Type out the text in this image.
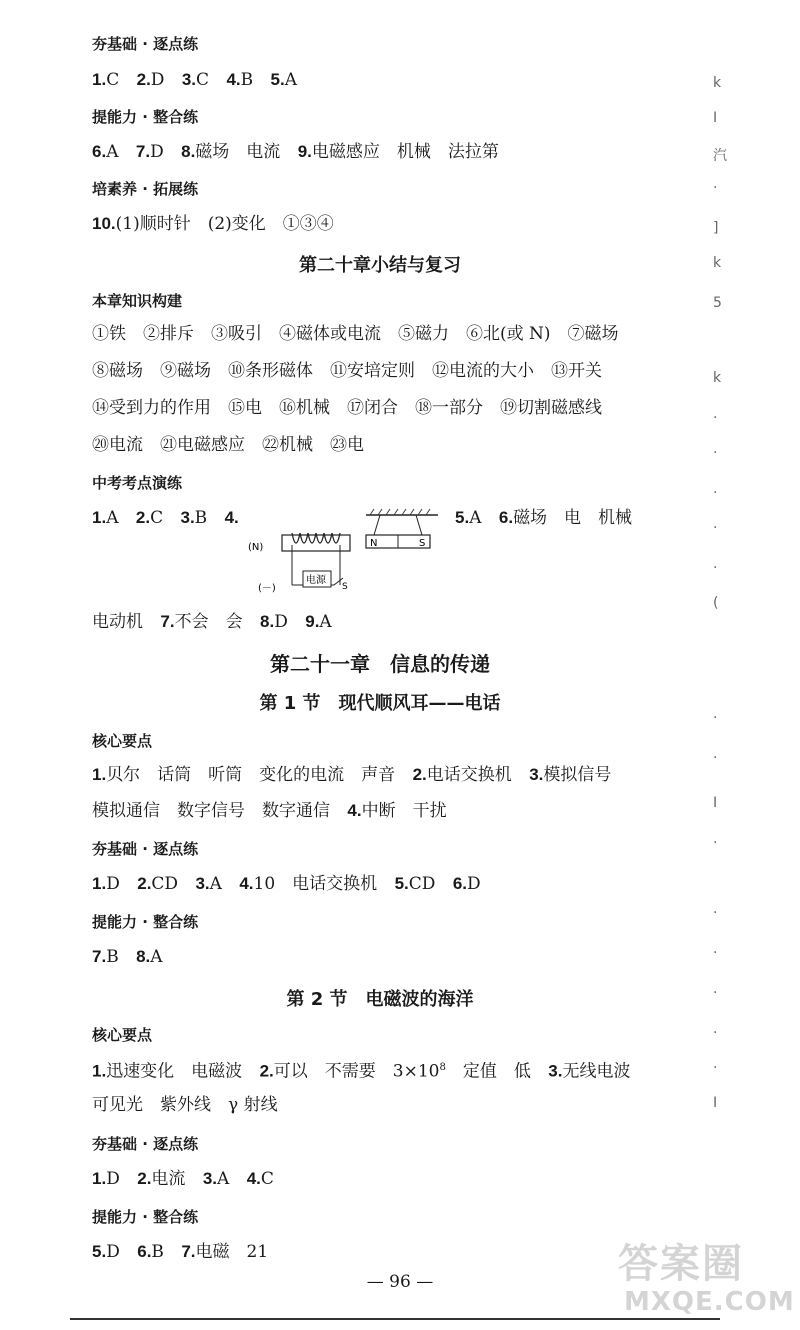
夯基础 · 逐点练
1.C 2.D 3.C 4.B 5.A
提能力 · 整合练
6.A 7.D 8.磁场　电流 9.电磁感应　机械　法拉第
培素养 · 拓展练
10.(1)顺时针　(2)变化　①③④
第二十章小结与复习
本章知识构建
①铁　②排斥　③吸引　④磁体或电流　⑤磁力　⑥北(或 N)　⑦磁场
⑧磁场　⑨磁场　⑩条形磁体　⑪安培定则　⑫电流的大小　⑬开关
⑭受到力的作用　⑮电　⑯机械　⑰闭合　⑱一部分　⑲切割磁感线
⑳电流　㉑电磁感应　㉒机械　㉓电
中考考点演练
1.A 2.C 3.B 4.	5.A 6.磁场　电　机械
N	S
(N)
电源
S
(－)
电动机 7.不会　会 8.D 9.A
第二十一章　信息的传递
第 1 节　现代顺风耳——电话
核心要点
1.贝尔　话筒　听筒　变化的电流　声音 2.电话交换机 3.模拟信号
模拟通信　数字信号　数字通信 4.中断　干扰
夯基础 · 逐点练
1.D 2.CD 3.A 4.10　电话交换机 5.CD 6.D
提能力 · 整合练
7.B 8.A
第 2 节　电磁波的海洋
核心要点
1.迅速变化　电磁波 2.可以　不需要　$3\times 10^8$　定值　低 3.无线电波
可见光　紫外线　γ 射线
夯基础 · 逐点练
1.D 2.电流 3.A 4.C
提能力 · 整合练
5.D 6.B 7.电磁　21
— 96 —
k
I
汽
·
]
k
5
k
·
·
·
·
·
(
·
·
I
·
·
·
·
·
·
I
答案圈
MXQE.COM
